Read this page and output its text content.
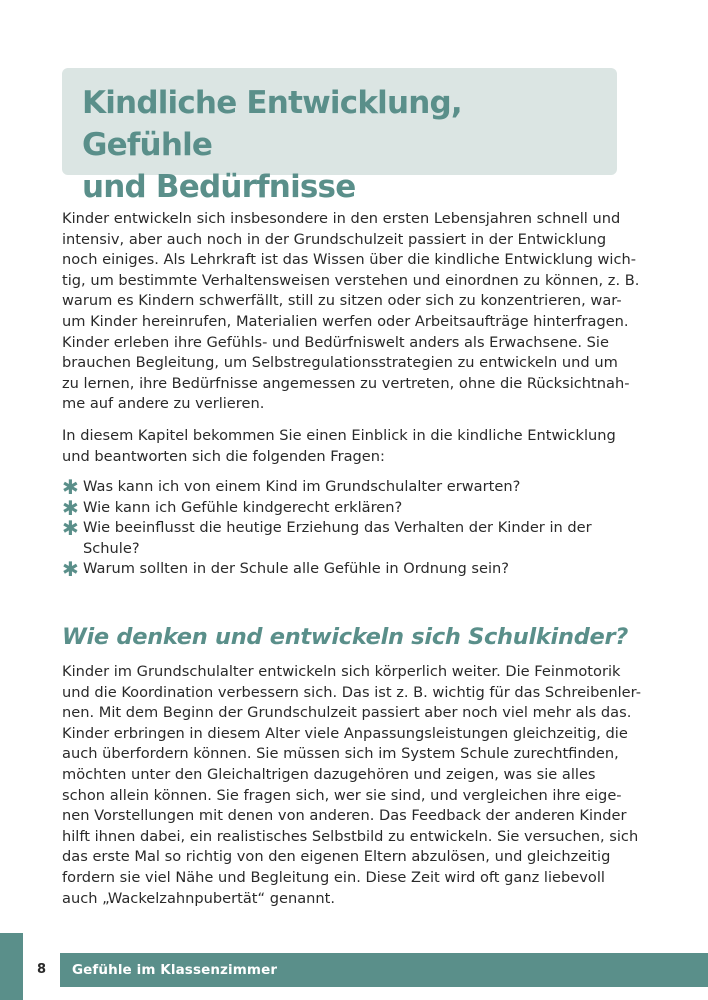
Kindliche Entwicklung, Gefühle
und Bedürfnisse
Kinder entwickeln sich insbesondere in den ersten Lebensjahren schnell und
intensiv, aber auch noch in der Grundschulzeit passiert in der Entwicklung
noch einiges. Als Lehrkraft ist das Wissen über die kindliche Entwicklung wich-
tig, um bestimmte Verhaltensweisen verstehen und einordnen zu können, z. B.
warum es Kindern schwerfällt, still zu sitzen oder sich zu konzentrieren, war-
um Kinder hereinrufen, Materialien werfen oder Arbeitsaufträge hinterfragen.
Kinder erleben ihre Gefühls- und Bedürfniswelt anders als Erwachsene. Sie
brauchen Begleitung, um Selbstregulationsstrategien zu entwickeln und um
zu lernen, ihre Bedürfnisse angemessen zu vertreten, ohne die Rücksichtnah-
me auf andere zu verlieren.
In diesem Kapitel bekommen Sie einen Einblick in die kindliche Entwicklung
und beantworten sich die folgenden Fragen:
✱ Was kann ich von einem Kind im Grundschulalter erwarten?
✱ Wie kann ich Gefühle kindgerecht erklären?
✱ Wie beeinflusst die heutige Erziehung das Verhalten der Kinder in der
Schule?
✱ Warum sollten in der Schule alle Gefühle in Ordnung sein?
Wie denken und entwickeln sich Schulkinder?
Kinder im Grundschulalter entwickeln sich körperlich weiter. Die Feinmotorik
und die Koordination verbessern sich. Das ist z. B. wichtig für das Schreibenler-
nen. Mit dem Beginn der Grundschulzeit passiert aber noch viel mehr als das.
Kinder erbringen in diesem Alter viele Anpassungsleistungen gleichzeitig, die
auch überfordern können. Sie müssen sich im System Schule zurechtfinden,
möchten unter den Gleichaltrigen dazugehören und zeigen, was sie alles
schon allein können. Sie fragen sich, wer sie sind, und vergleichen ihre eige-
nen Vorstellungen mit denen von anderen. Das Feedback der anderen Kinder
hilft ihnen dabei, ein realistisches Selbstbild zu entwickeln. Sie versuchen, sich
das erste Mal so richtig von den eigenen Eltern abzulösen, und gleichzeitig
fordern sie viel Nähe und Begleitung ein. Diese Zeit wird oft ganz liebevoll
auch „Wackelzahnpubertät“ genannt.
8	Gefühle im Klassenzimmer
